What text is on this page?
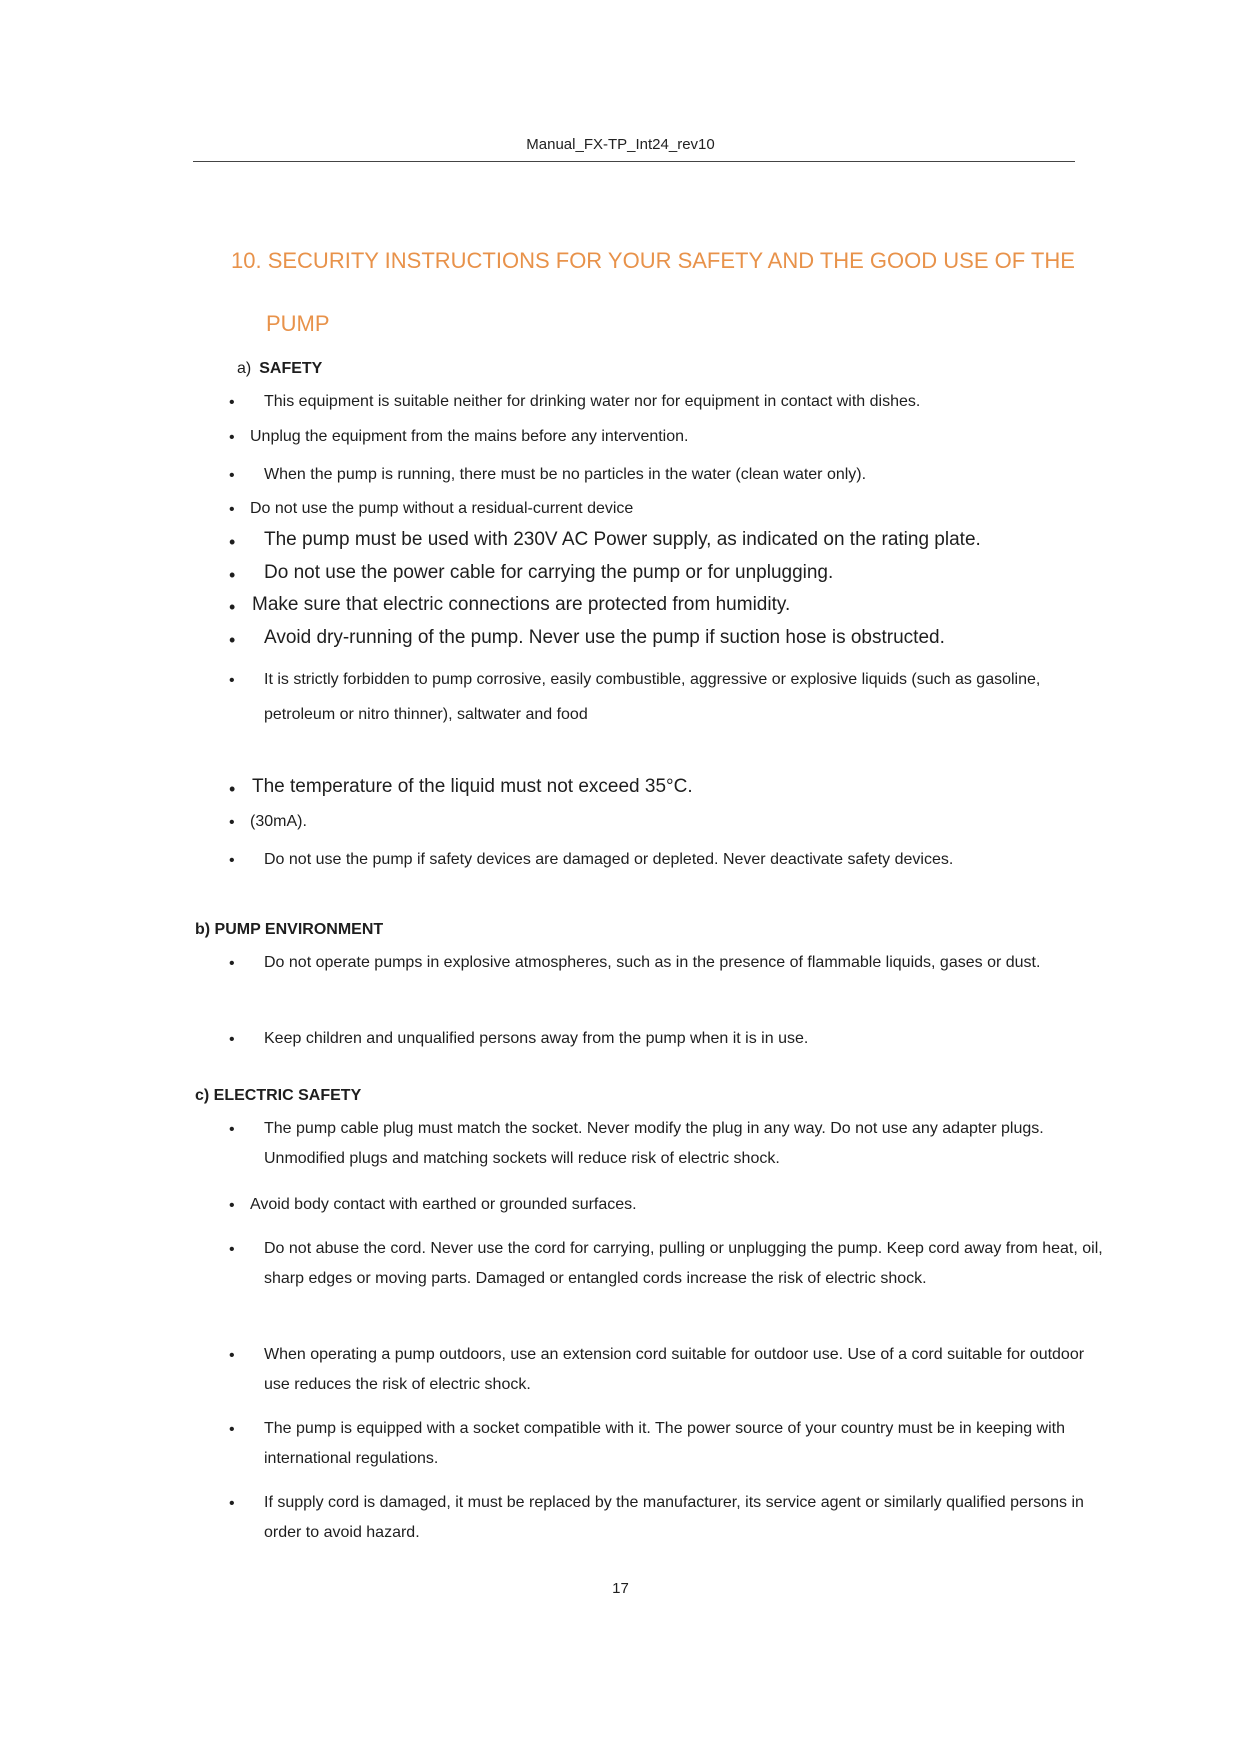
Manual_FX-TP_Int24_rev10
10. SECURITY INSTRUCTIONS FOR YOUR SAFETY AND THE GOOD USE OF THE
PUMP
a) SAFETY
• This equipment is suitable neither for drinking water nor for equipment in contact with dishes.
• Unplug the equipment from the mains before any intervention.
• When the pump is running, there must be no particles in the water (clean water only).
• Do not use the pump without a residual-current device
• The pump must be used with 230V AC Power supply, as indicated on the rating plate.
• Do not use the power cable for carrying the pump or for unplugging.
• Make sure that electric connections are protected from humidity.
• Avoid dry-running of the pump. Never use the pump if suction hose is obstructed.
• It is strictly forbidden to pump corrosive, easily combustible, aggressive or explosive liquids (such as gasoline, petroleum or nitro thinner), saltwater and food
• The temperature of the liquid must not exceed 35°C.
• (30mA).
• Do not use the pump if safety devices are damaged or depleted. Never deactivate safety devices.
b) PUMP ENVIRONMENT
• Do not operate pumps in explosive atmospheres, such as in the presence of flammable liquids, gases or dust.
• Keep children and unqualified persons away from the pump when it is in use.
c) ELECTRIC SAFETY
• The pump cable plug must match the socket. Never modify the plug in any way. Do not use any adapter plugs. Unmodified plugs and matching sockets will reduce risk of electric shock.
• Avoid body contact with earthed or grounded surfaces.
• Do not abuse the cord. Never use the cord for carrying, pulling or unplugging the pump. Keep cord away from heat, oil, sharp edges or moving parts. Damaged or entangled cords increase the risk of electric shock.
• When operating a pump outdoors, use an extension cord suitable for outdoor use. Use of a cord suitable for outdoor use reduces the risk of electric shock.
• The pump is equipped with a socket compatible with it. The power source of your country must be in keeping with international regulations.
• If supply cord is damaged, it must be replaced by the manufacturer, its service agent or similarly qualified persons in order to avoid hazard.
17
